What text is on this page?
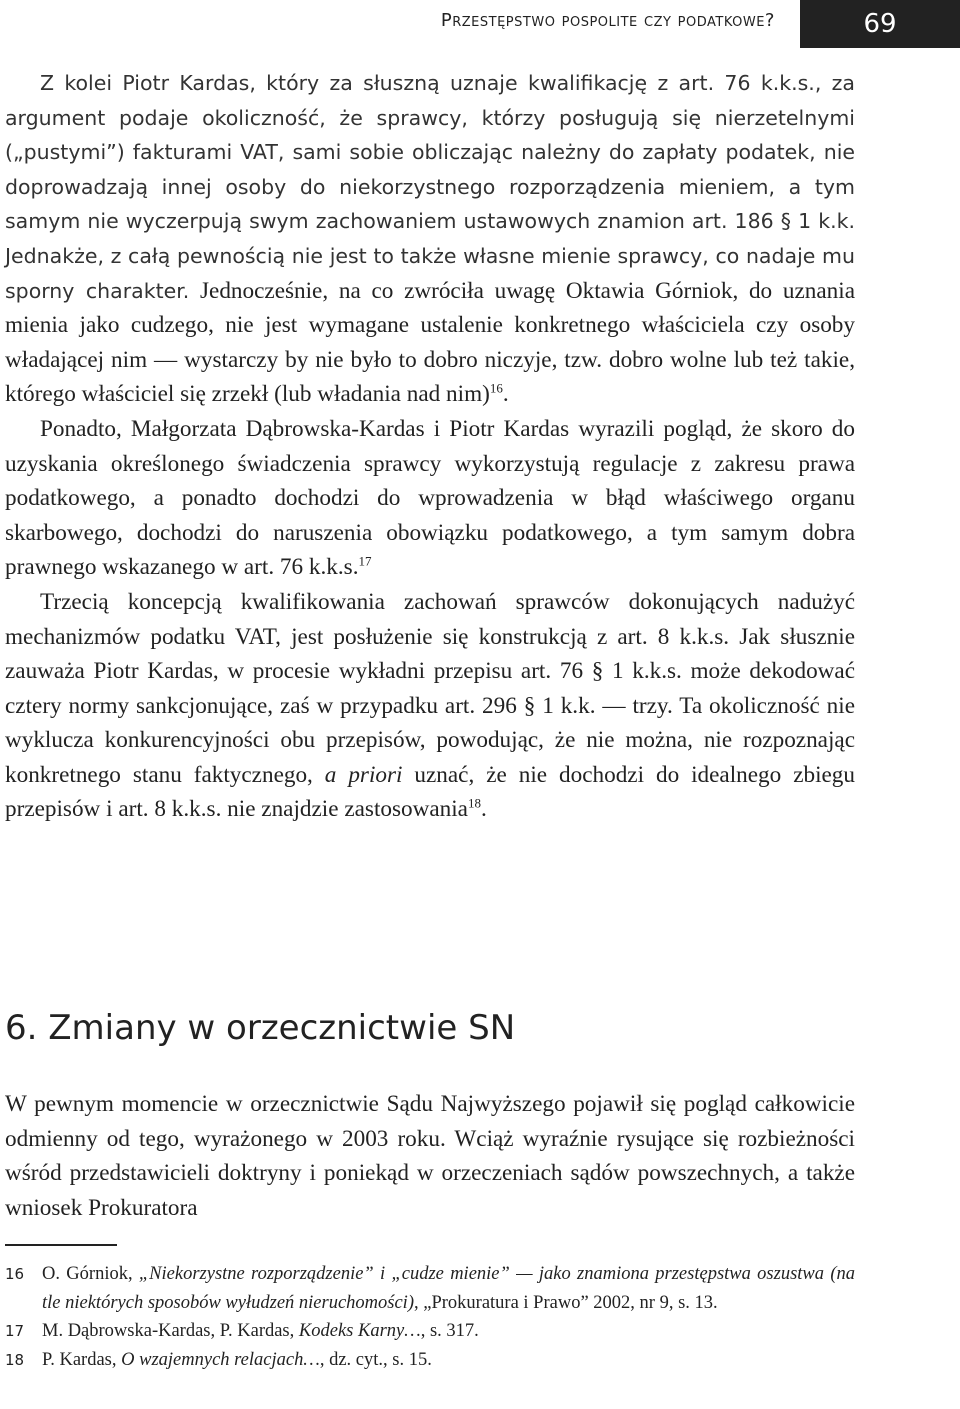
Przestępstwo pospolite czy podatkowe?	69

Z kolei Piotr Kardas, który za słuszną uznaje kwalifikację z art. 76 k.k.s., za argument podaje okoliczność, że sprawcy, którzy posługują się nierzetelnymi („pustymi”) fakturami VAT, sami sobie obliczając należny do zapłaty podatek, nie doprowadzają innej osoby do niekorzystnego rozporządzenia mieniem, a tym samym nie wyczerpują swym zachowaniem ustawowych znamion art. 186 § 1 k.k. Jednakże, z całą pewnością nie jest to także własne mienie sprawcy, co nadaje mu sporny charakter. Jednocześnie, na co zwróciła uwagę Oktawia Górniok, do uznania mienia jako cudzego, nie jest wymagane ustalenie konkretnego właściciela czy osoby władającej nim — wystarczy by nie było to dobro niczyje, tzw. dobro wolne lub też takie, którego właściciel się zrzekł (lub władania nad nim)$^{16}$.

Ponadto, Małgorzata Dąbrowska-Kardas i Piotr Kardas wyrazili pogląd, że skoro do uzyskania określonego świadczenia sprawcy wykorzystują regulacje z zakresu prawa podatkowego, a ponadto dochodzi do wprowadzenia w błąd właściwego organu skarbowego, dochodzi do naruszenia obowiązku podatkowego, a tym samym dobra prawnego wskazanego w art. 76 k.k.s.$^{17}$

Trzecią koncepcją kwalifikowania zachowań sprawców dokonujących nadużyć mechanizmów podatku VAT, jest posłużenie się konstrukcją z art. 8 k.k.s. Jak słusznie zauważa Piotr Kardas, w procesie wykładni przepisu art. 76 § 1 k.k.s. może dekodować cztery normy sankcjonujące, zaś w przypadku art. 296 § 1 k.k. — trzy. Ta okoliczność nie wyklucza konkurencyjności obu przepisów, powodując, że nie można, nie rozpoznając konkretnego stanu faktycznego, a priori uznać, że nie dochodzi do idealnego zbiegu przepisów i art. 8 k.k.s. nie znajdzie zastosowania$^{18}$.

6. Zmiany w orzecznictwie SN

W pewnym momencie w orzecznictwie Sądu Najwyższego pojawił się pogląd całkowicie odmienny od tego, wyrażonego w 2003 roku. Wciąż wyraźnie rysujące się rozbieżności wśród przedstawicieli doktryny i poniekąd w orzeczeniach sądów powszechnych, a także wniosek Prokuratora

16 O. Górniok, „Niekorzystne rozporządzenie” i „cudze mienie” — jako znamiona przestępstwa oszustwa (na tle niektórych sposobów wyłudzeń nieruchomości), „Prokuratura i Prawo” 2002, nr 9, s. 13.
17 M. Dąbrowska-Kardas, P. Kardas, Kodeks Karny…, s. 317.
18 P. Kardas, O wzajemnych relacjach…, dz. cyt., s. 15.
